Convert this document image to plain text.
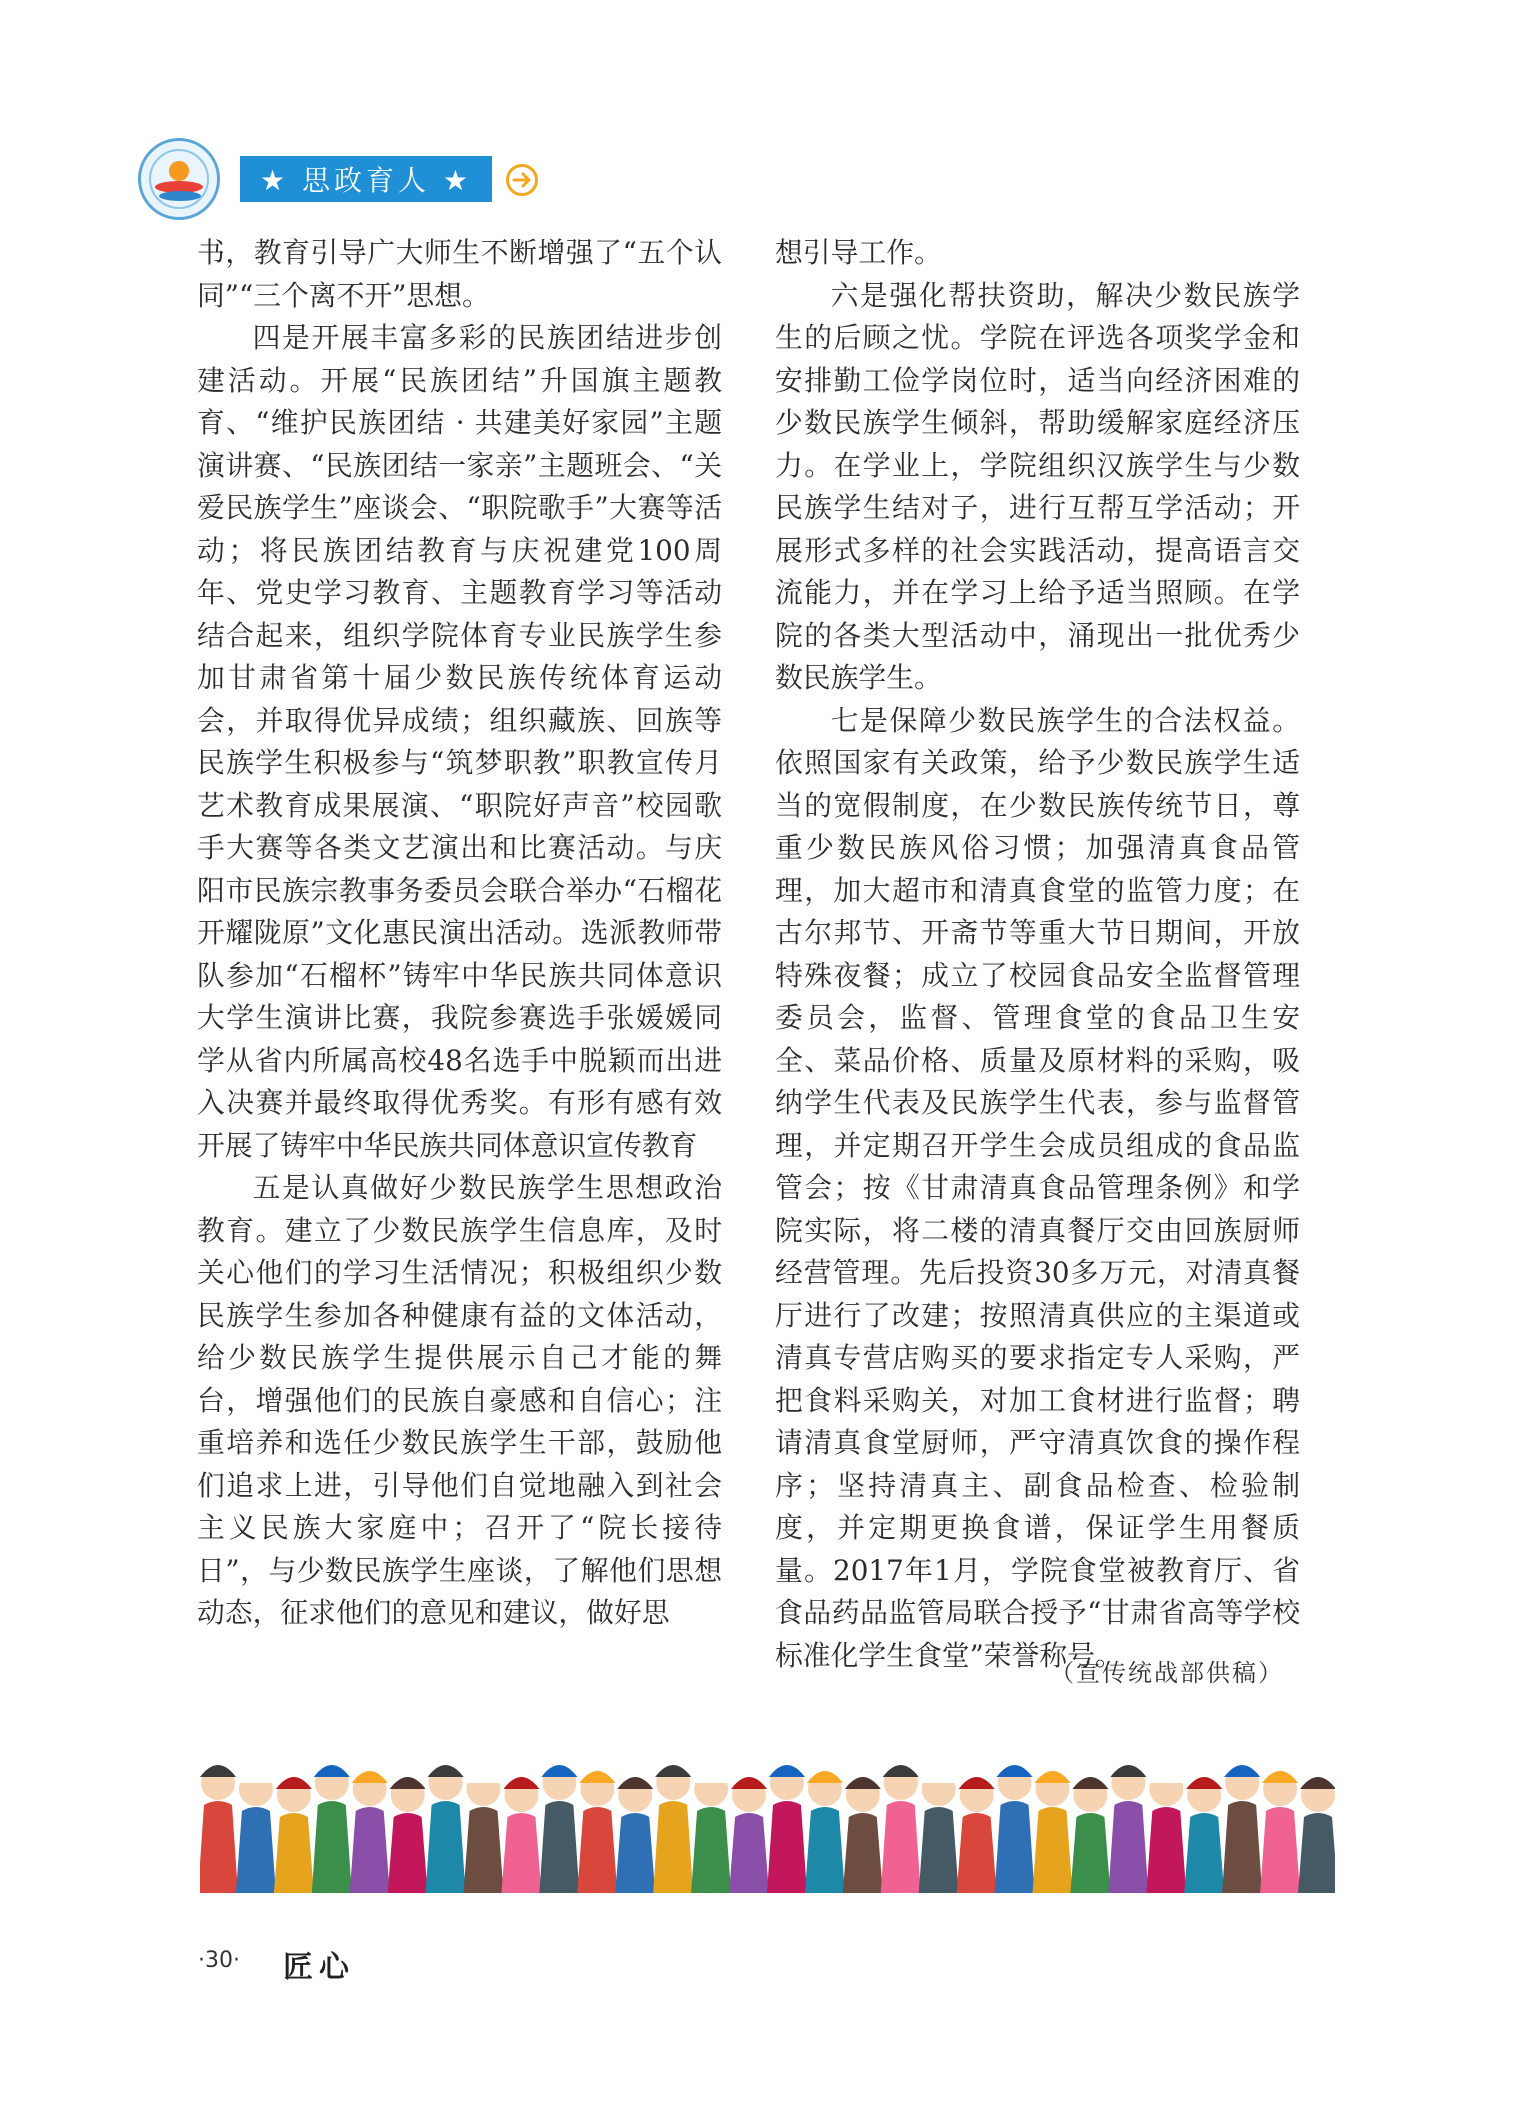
★ 思政育人 ★

书，教育引导广大师生不断增强了“五个认同”“三个离不开”思想。

四是开展丰富多彩的民族团结进步创建活动。开展“民族团结”升国旗主题教育、“维护民族团结 · 共建美好家园”主题演讲赛、“民族团结一家亲”主题班会、“关爱民族学生”座谈会、“职院歌手”大赛等活动；将民族团结教育与庆祝建党100周年、党史学习教育、主题教育学习等活动结合起来，组织学院体育专业民族学生参加甘肃省第十届少数民族传统体育运动会，并取得优异成绩；组织藏族、回族等民族学生积极参与“筑梦职教”职教宣传月艺术教育成果展演、“职院好声音”校园歌手大赛等各类文艺演出和比赛活动。与庆阳市民族宗教事务委员会联合举办“石榴花开耀陇原”文化惠民演出活动。选派教师带队参加“石榴杯”铸牢中华民族共同体意识大学生演讲比赛，我院参赛选手张媛媛同学从省内所属高校48名选手中脱颖而出进入决赛并最终取得优秀奖。有形有感有效开展了铸牢中华民族共同体意识宣传教育

五是认真做好少数民族学生思想政治教育。建立了少数民族学生信息库，及时关心他们的学习生活情况；积极组织少数民族学生参加各种健康有益的文体活动，给少数民族学生提供展示自己才能的舞台，增强他们的民族自豪感和自信心；注重培养和选任少数民族学生干部，鼓励他们追求上进，引导他们自觉地融入到社会主义民族大家庭中；召开了“院长接待日”，与少数民族学生座谈，了解他们思想动态，征求他们的意见和建议，做好思

想引导工作。

六是强化帮扶资助，解决少数民族学生的后顾之忧。学院在评选各项奖学金和安排勤工俭学岗位时，适当向经济困难的少数民族学生倾斜，帮助缓解家庭经济压力。在学业上，学院组织汉族学生与少数民族学生结对子，进行互帮互学活动；开展形式多样的社会实践活动，提高语言交流能力，并在学习上给予适当照顾。在学院的各类大型活动中，涌现出一批优秀少数民族学生。

七是保障少数民族学生的合法权益。依照国家有关政策，给予少数民族学生适当的宽假制度，在少数民族传统节日，尊重少数民族风俗习惯；加强清真食品管理，加大超市和清真食堂的监管力度；在古尔邦节、开斋节等重大节日期间，开放特殊夜餐；成立了校园食品安全监督管理委员会，监督、管理食堂的食品卫生安全、菜品价格、质量及原材料的采购，吸纳学生代表及民族学生代表，参与监督管理，并定期召开学生会成员组成的食品监管会；按《甘肃清真食品管理条例》和学院实际，将二楼的清真餐厅交由回族厨师经营管理。先后投资30多万元，对清真餐厅进行了改建；按照清真供应的主渠道或清真专营店购买的要求指定专人采购，严把食料采购关，对加工食材进行监督；聘请清真食堂厨师，严守清真饮食的操作程序；坚持清真主、副食品检查、检验制度，并定期更换食谱，保证学生用餐质量。2017年1月，学院食堂被教育厅、省食品药品监管局联合授予“甘肃省高等学校标准化学生食堂”荣誉称号。

（宣传统战部供稿）
·30· 匠心
